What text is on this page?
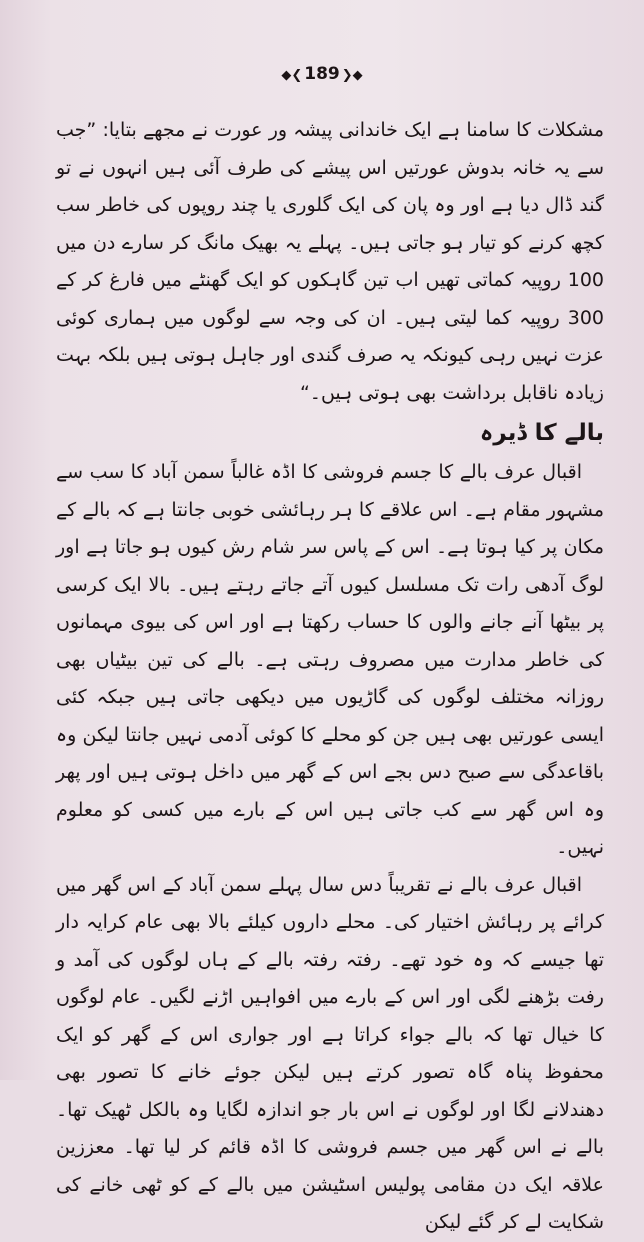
◆❮ 189 ❯◆

مشکلات کا سامنا ہے ایک خاندانی پیشہ ور عورت نے مجھے بتایا: ”جب سے یہ خانہ بدوش عورتیں اس پیشے کی طرف آئی ہیں انہوں نے تو گند ڈال دیا ہے اور وہ پان کی ایک گلوری یا چند روپوں کی خاطر سب کچھ کرنے کو تیار ہو جاتی ہیں۔ پہلے یہ بھیک مانگ کر سارے دن میں 100 روپیہ کماتی تھیں اب تین گاہکوں کو ایک گھنٹے میں فارغ کر کے 300 روپیہ کما لیتی ہیں۔ ان کی وجہ سے لوگوں میں ہماری کوئی عزت نہیں رہی کیونکہ یہ صرف گندی اور جاہل ہوتی ہیں بلکہ بہت زیادہ ناقابل برداشت بھی ہوتی ہیں۔“

بالے کا ڈیرہ

اقبال عرف بالے کا جسم فروشی کا اڈہ غالباً سمن آباد کا سب سے مشہور مقام ہے۔ اس علاقے کا ہر رہائشی خوبی جانتا ہے کہ بالے کے مکان پر کیا ہوتا ہے۔ اس کے پاس سر شام رش کیوں ہو جاتا ہے اور لوگ آدھی رات تک مسلسل کیوں آتے جاتے رہتے ہیں۔ بالا ایک کرسی پر بیٹھا آنے جانے والوں کا حساب رکھتا ہے اور اس کی بیوی مہمانوں کی خاطر مدارت میں مصروف رہتی ہے۔ بالے کی تین بیٹیاں بھی روزانہ مختلف لوگوں کی گاڑیوں میں دیکھی جاتی ہیں جبکہ کئی ایسی عورتیں بھی ہیں جن کو محلے کا کوئی آدمی نہیں جانتا لیکن وہ باقاعدگی سے صبح دس بجے اس کے گھر میں داخل ہوتی ہیں اور پھر وہ اس گھر سے کب جاتی ہیں اس کے بارے میں کسی کو معلوم نہیں۔

اقبال عرف بالے نے تقریباً دس سال پہلے سمن آباد کے اس گھر میں کرائے پر رہائش اختیار کی۔ محلے داروں کیلئے بالا بھی عام کرایہ دار تھا جیسے کہ وہ خود تھے۔ رفتہ رفتہ بالے کے ہاں لوگوں کی آمد و رفت بڑھنے لگی اور اس کے بارے میں افواہیں اڑنے لگیں۔ عام لوگوں کا خیال تھا کہ بالے جواء کراتا ہے اور جواری اس کے گھر کو ایک محفوظ پناہ گاہ تصور کرتے ہیں لیکن جوئے خانے کا تصور بھی دھندلانے لگا اور لوگوں نے اس بار جو اندازہ لگایا وہ بالکل ٹھیک تھا۔ بالے نے اس گھر میں جسم فروشی کا اڈہ قائم کر لیا تھا۔ معززین علاقہ ایک دن مقامی پولیس اسٹیشن میں بالے کے کو ٹھی خانے کی شکایت لے کر گئے لیکن
